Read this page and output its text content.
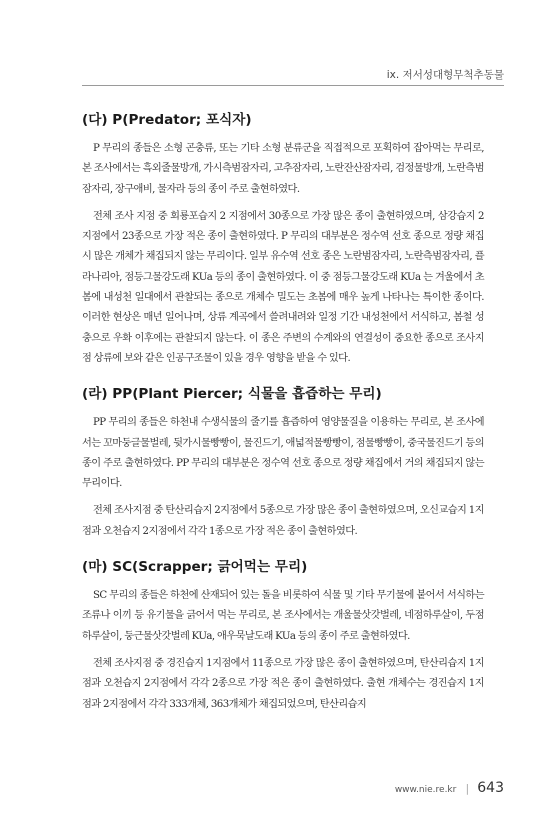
ix. 저서성대형무척추동물
(다) P(Predator; 포식자)

P 무리의 종들은 소형 곤충류, 또는 기타 소형 분류군을 직접적으로 포획하여 잡아먹는 무리로, 본 조사에서는 흑외줄물방개, 가시측범잠자리, 고추잠자리, 노란잔산잠자리, 검정물방개, 노란측범잠자리, 장구애비, 물자라 등의 종이 주로 출현하였다.

전체 조사 지점 중 회룡포습지 2 지점에서 30종으로 가장 많은 종이 출현하였으며, 삼강습지 2 지점에서 23종으로 가장 적은 종이 출현하였다. P 무리의 대부분은 정수역 선호 종으로 정량 채집시 많은 개체가 채집되지 않는 무리이다. 일부 유수역 선호 종은 노란범잠자리, 노란측범잠자리, 플라나리아, 점등그물강도래 KUa 등의 종이 출현하였다. 이 중 점등그물강도래 KUa 는 겨울에서 초봄에 내성천 일대에서 관찰되는 종으로 개체수 밀도는 초봄에 매우 높게 나타나는 특이한 종이다. 이러한 현상은 매년 일어나며, 상류 계곡에서 쓸려내려와 일정 기간 내성천에서 서식하고, 봄철 성충으로 우화 이후에는 관찰되지 않는다. 이 종은 주변의 수계와의 연결성이 중요한 종으로 조사지점 상류에 보와 같은 인공구조물이 있을 경우 영향을 받을 수 있다.

(라) PP(Plant Piercer; 식물을 흡즙하는 무리)

PP 무리의 종들은 하천내 수생식물의 줄기를 흡즙하여 영양물질을 이용하는 무리로, 본 조사에서는 꼬마둥글물벌레, 뒷가시물빵빵이, 물진드기, 애넓적물빵빵이, 점물빵빵이, 중국물진드기 등의 종이 주로 출현하였다. PP 무리의 대부분은 정수역 선호 종으로 정량 채집에서 거의 채집되지 않는 무리이다.

전체 조사지점 중 탄산리습지 2지점에서 5종으로 가장 많은 종이 출현하였으며, 오신교습지 1지점과 오천습지 2지점에서 각각 1종으로 가장 적은 종이 출현하였다.

(마) SC(Scrapper; 긁어먹는 무리)

SC 무리의 종들은 하천에 산재되어 있는 돌을 비롯하여 식물 및 기타 무기물에 붙어서 서식하는 조류나 이끼 등 유기물을 긁어서 먹는 무리로, 본 조사에서는 개울물삿갓벌레, 네점하루살이, 두점하루살이, 둥근물삿갓벌레 KUa, 애우묵날도래 KUa 등의 종이 주로 출현하였다.

전체 조사지점 중 경진습지 1지점에서 11종으로 가장 많은 종이 출현하였으며, 탄산리습지 1지점과 오천습지 2지점에서 각각 2종으로 가장 적은 종이 출현하였다. 출현 개체수는 경진습지 1지점과 2지점에서 각각 333개체, 363개체가 채집되었으며, 탄산리습지

www.nie.re.kr | 643
